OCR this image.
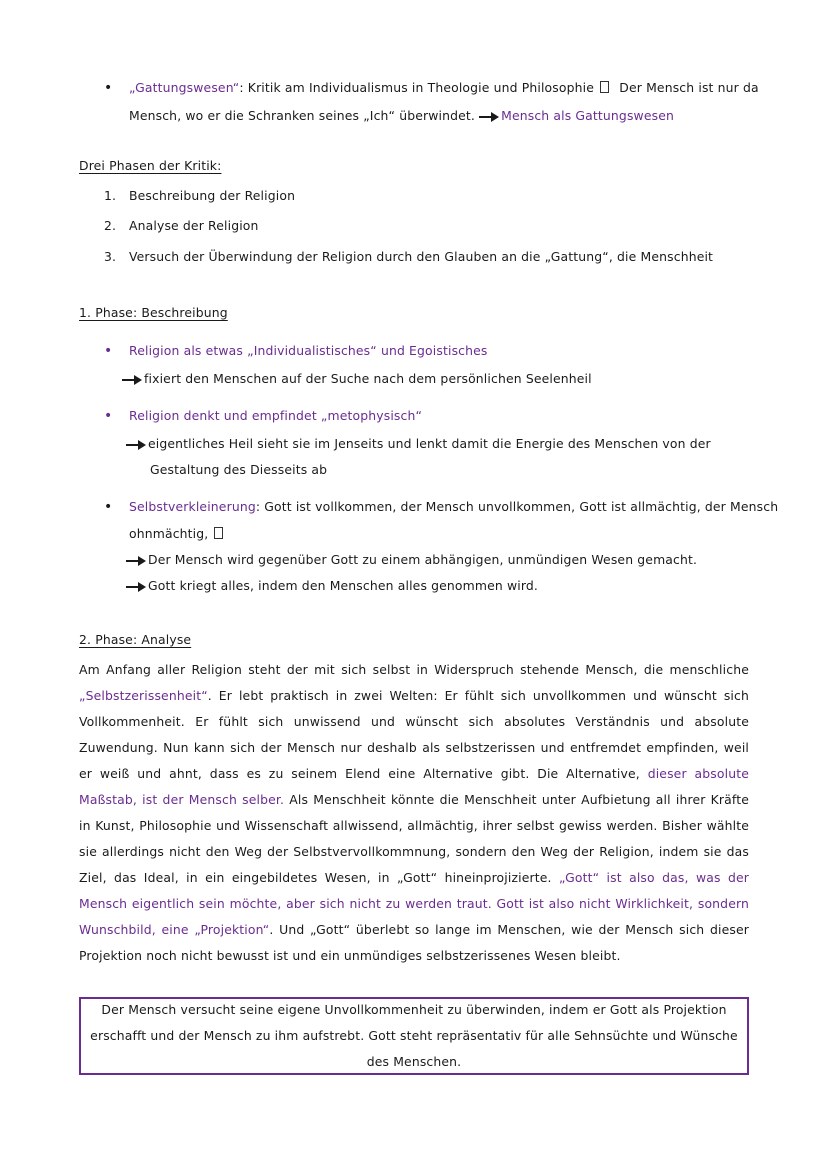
• „Gattungswesen“: Kritik am Individualismus in Theologie und Philosophie Der Mensch ist nur da
Mensch, wo er die Schranken seines „Ich“ überwindet. Mensch als Gattungswesen
Drei Phasen der Kritik:
1. Beschreibung der Religion
2. Analyse der Religion
3. Versuch der Überwindung der Religion durch den Glauben an die „Gattung“, die Menschheit
1. Phase: Beschreibung
• Religion als etwas „Individualistisches“ und Egoistisches
fixiert den Menschen auf der Suche nach dem persönlichen Seelenheil
• Religion denkt und empfindet „metophysisch“
eigentliches Heil sieht sie im Jenseits und lenkt damit die Energie des Menschen von der
Gestaltung des Diesseits ab
• Selbstverkleinerung: Gott ist vollkommen, der Mensch unvollkommen, Gott ist allmächtig, der Mensch
ohnmächtig,
Der Mensch wird gegenüber Gott zu einem abhängigen, unmündigen Wesen gemacht.
Gott kriegt alles, indem den Menschen alles genommen wird.
2. Phase: Analyse
Am Anfang aller Religion steht der mit sich selbst in Widerspruch stehende Mensch, die menschliche „Selbstzerissenheit“. Er lebt praktisch in zwei Welten: Er fühlt sich unvollkommen und wünscht sich Vollkommenheit. Er fühlt sich unwissend und wünscht sich absolutes Verständnis und absolute Zuwendung. Nun kann sich der Mensch nur deshalb als selbstzerissen und entfremdet empfinden, weil er weiß und ahnt, dass es zu seinem Elend eine Alternative gibt. Die Alternative, dieser absolute Maßstab, ist der Mensch selber. Als Menschheit könnte die Menschheit unter Aufbietung all ihrer Kräfte in Kunst, Philosophie und Wissenschaft allwissend, allmächtig, ihrer selbst gewiss werden. Bisher wählte sie allerdings nicht den Weg der Selbstvervollkommnung, sondern den Weg der Religion, indem sie das Ziel, das Ideal, in ein eingebildetes Wesen, in „Gott“ hineinprojizierte. „Gott“ ist also das, was der Mensch eigentlich sein möchte, aber sich nicht zu werden traut. Gott ist also nicht Wirklichkeit, sondern Wunschbild, eine „Projektion“. Und „Gott“ überlebt so lange im Menschen, wie der Mensch sich dieser Projektion noch nicht bewusst ist und ein unmündiges selbstzerissenes Wesen bleibt.
Der Mensch versucht seine eigene Unvollkommenheit zu überwinden, indem er Gott als Projektion erschafft und der Mensch zu ihm aufstrebt. Gott steht repräsentativ für alle Sehnsüchte und Wünsche des Menschen.
